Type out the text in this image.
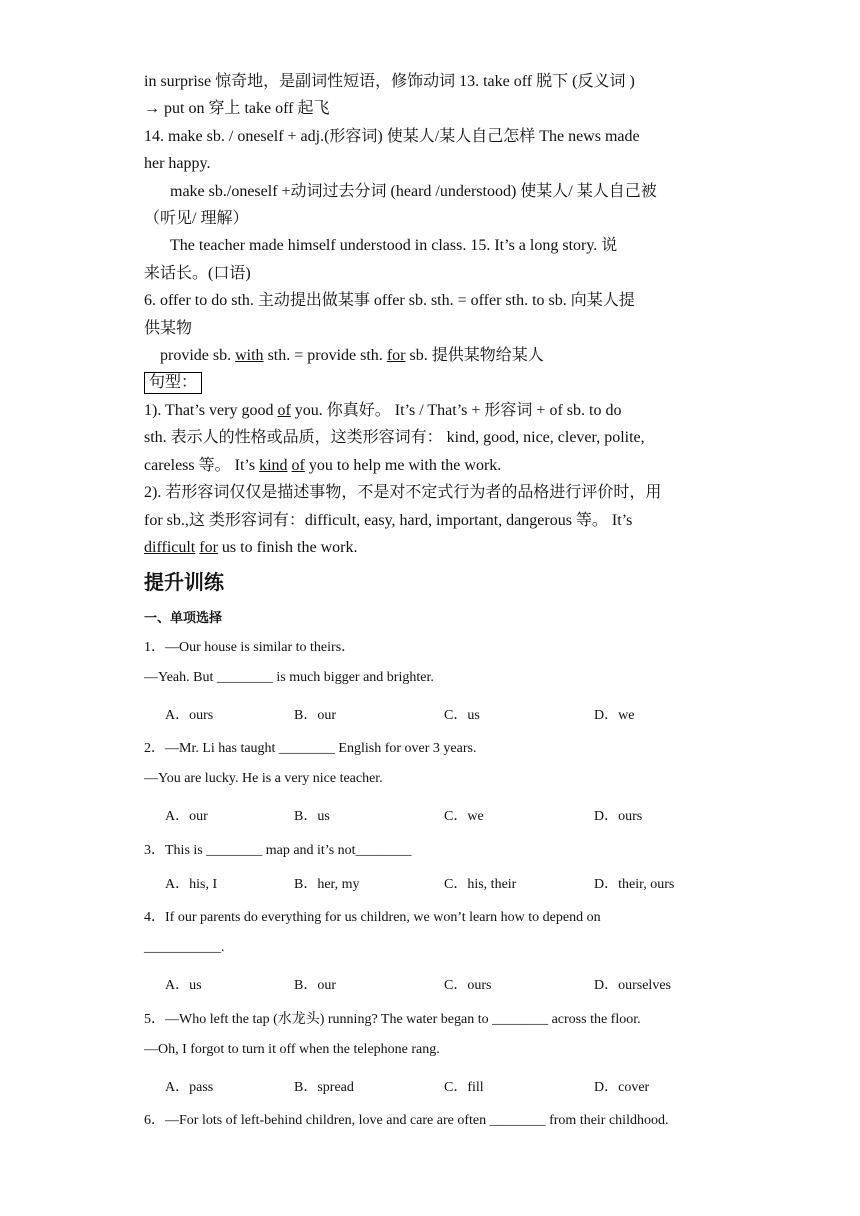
in surprise 惊奇地，是副词性短语，修饰动词 13. take off 脱下 (反义词 )

→ put on 穿上 take off 起飞

14. make sb. / oneself + adj.(形容词) 使某人/某人自己怎样 The news made

her happy.

make sb./oneself +动词过去分词 (heard /understood) 使某人/ 某人自己被

（听见/ 理解）

The teacher made himself understood in class. 15. It’s a long story. 说

来话长。(口语)

6. offer to do sth. 主动提出做某事 offer sb. sth. = offer sth. to sb. 向某人提

供某物

provide sb. with sth. = provide sth. for sb. 提供某物给某人

句型：

1). That’s very good of you. 你真好。 It’s / That’s + 形容词 + of sb. to do

sth. 表示人的性格或品质，这类形容词有： kind, good, nice, clever, polite,

careless 等。 It’s kind of you to help me with the work.

2). 若形容词仅仅是描述事物，不是对不定式行为者的品格进行评价时，用

for sb.,这 类形容词有：difficult, easy, hard, important, dangerous 等。 It’s

difficult for us to finish the work.

提升训练
一、单项选择
1．—Our house is similar to theirs．
—Yeah. But ________ is much bigger and brighter.
A．ours	B．our	C．us	D．we
2．—Mr. Li has taught ________ English for over 3 years.
—You are lucky. He is a very nice teacher.
A．our	B．us	C．we	D．ours
3．This is ________ map and it’s not________
A．his, I	B．her, my	C．his, their	D．their, ours
4．If our parents do everything for us children, we won’t learn how to depend on
___________.
A．us	B．our	C．ours	D．ourselves
5．—Who left the tap (水龙头) running? The water began to ________ across the floor.
—Oh, I forgot to turn it off when the telephone rang.
A．pass	B．spread	C．fill	D．cover
6．—For lots of left-behind children, love and care are often ________ from their childhood.
